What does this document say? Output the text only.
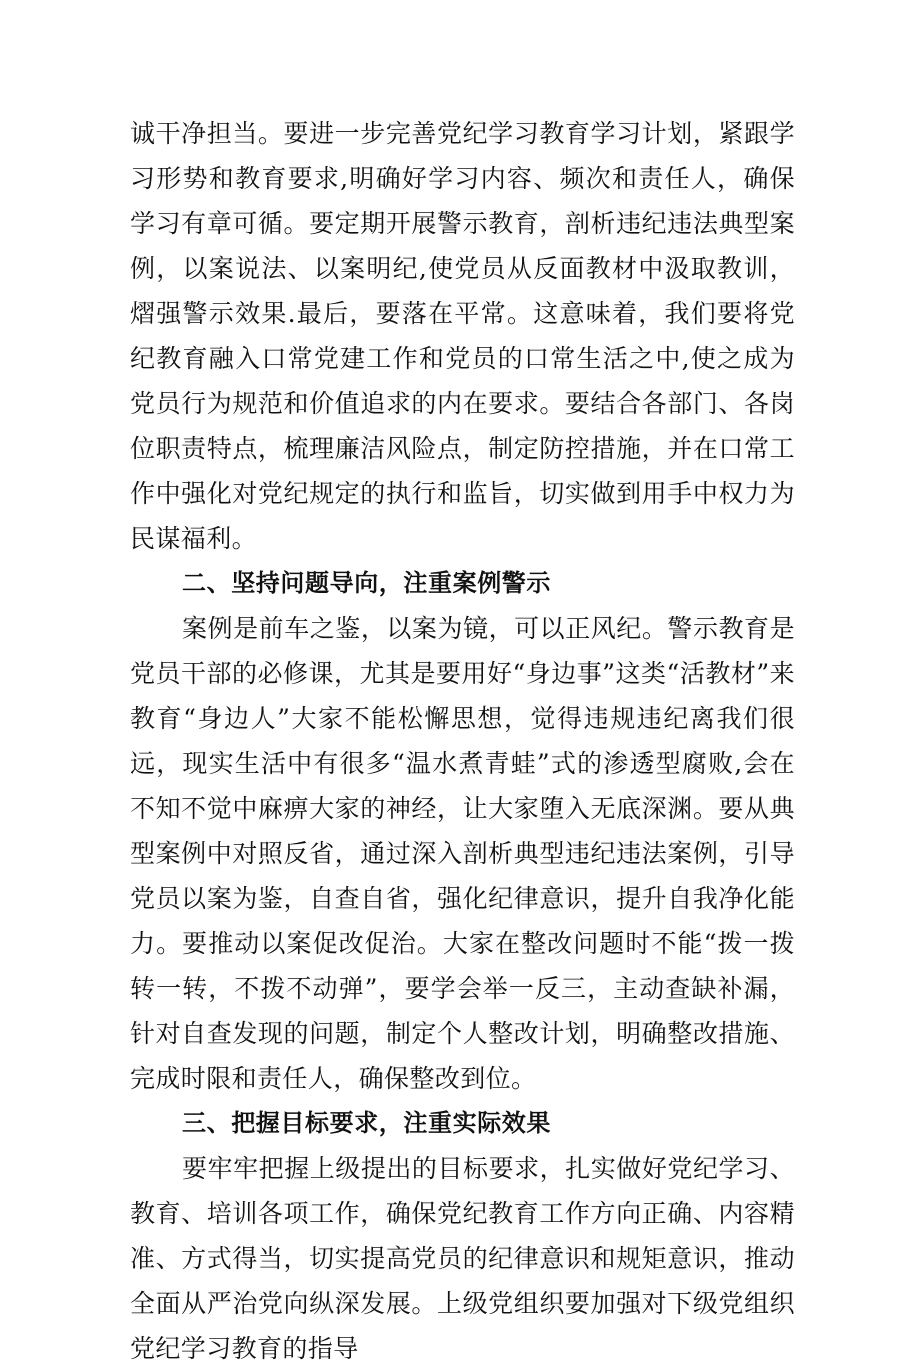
诚干净担当。要进一步完善党纪学习教育学习计划，紧跟学习形势和教育要求,明确好学习内容、频次和责任人，确保学习有章可循。要定期开展警示教育，剖析违纪违法典型案例，以案说法、以案明纪,使党员从反面教材中汲取教训，熠强警示效果.最后，要落在平常。这意味着，我们要将党纪教育融入口常党建工作和党员的口常生活之中,使之成为党员行为规范和价值追求的内在要求。要结合各部门、各岗位职责特点，梳理廉洁风险点，制定防控措施，并在口常工作中强化对党纪规定的执行和监旨，切实做到用手中权力为民谋福利。

二、坚持问题导向，注重案例警示

案例是前车之鉴，以案为镜，可以正风纪。警示教育是党员干部的必修课，尤其是要用好“身边事”这类“活教材”来教育“身边人”大家不能松懈思想，觉得违规违纪离我们很远，现实生活中有很多“温水煮青蛙”式的渗透型腐败,会在不知不觉中麻痹大家的神经，让大家堕入无底深渊。要从典型案例中对照反省，通过深入剖析典型违纪违法案例，引导党员以案为鉴，自查自省，强化纪律意识，提升自我净化能力。要推动以案促改促治。大家在整改问题时不能“拨一拨转一转，不拨不动弹”，要学会举一反三，主动查缺补漏，针对自查发现的问题，制定个人整改计划，明确整改措施、完成时限和责任人，确保整改到位。

三、把握目标要求，注重实际效果

要牢牢把握上级提出的目标要求，扎实做好党纪学习、教育、培训各项工作，确保党纪教育工作方向正确、内容精准、方式得当，切实提高党员的纪律意识和规矩意识，推动全面从严治党向纵深发展。上级党组织要加强对下级党组织党纪学习教育的指导
